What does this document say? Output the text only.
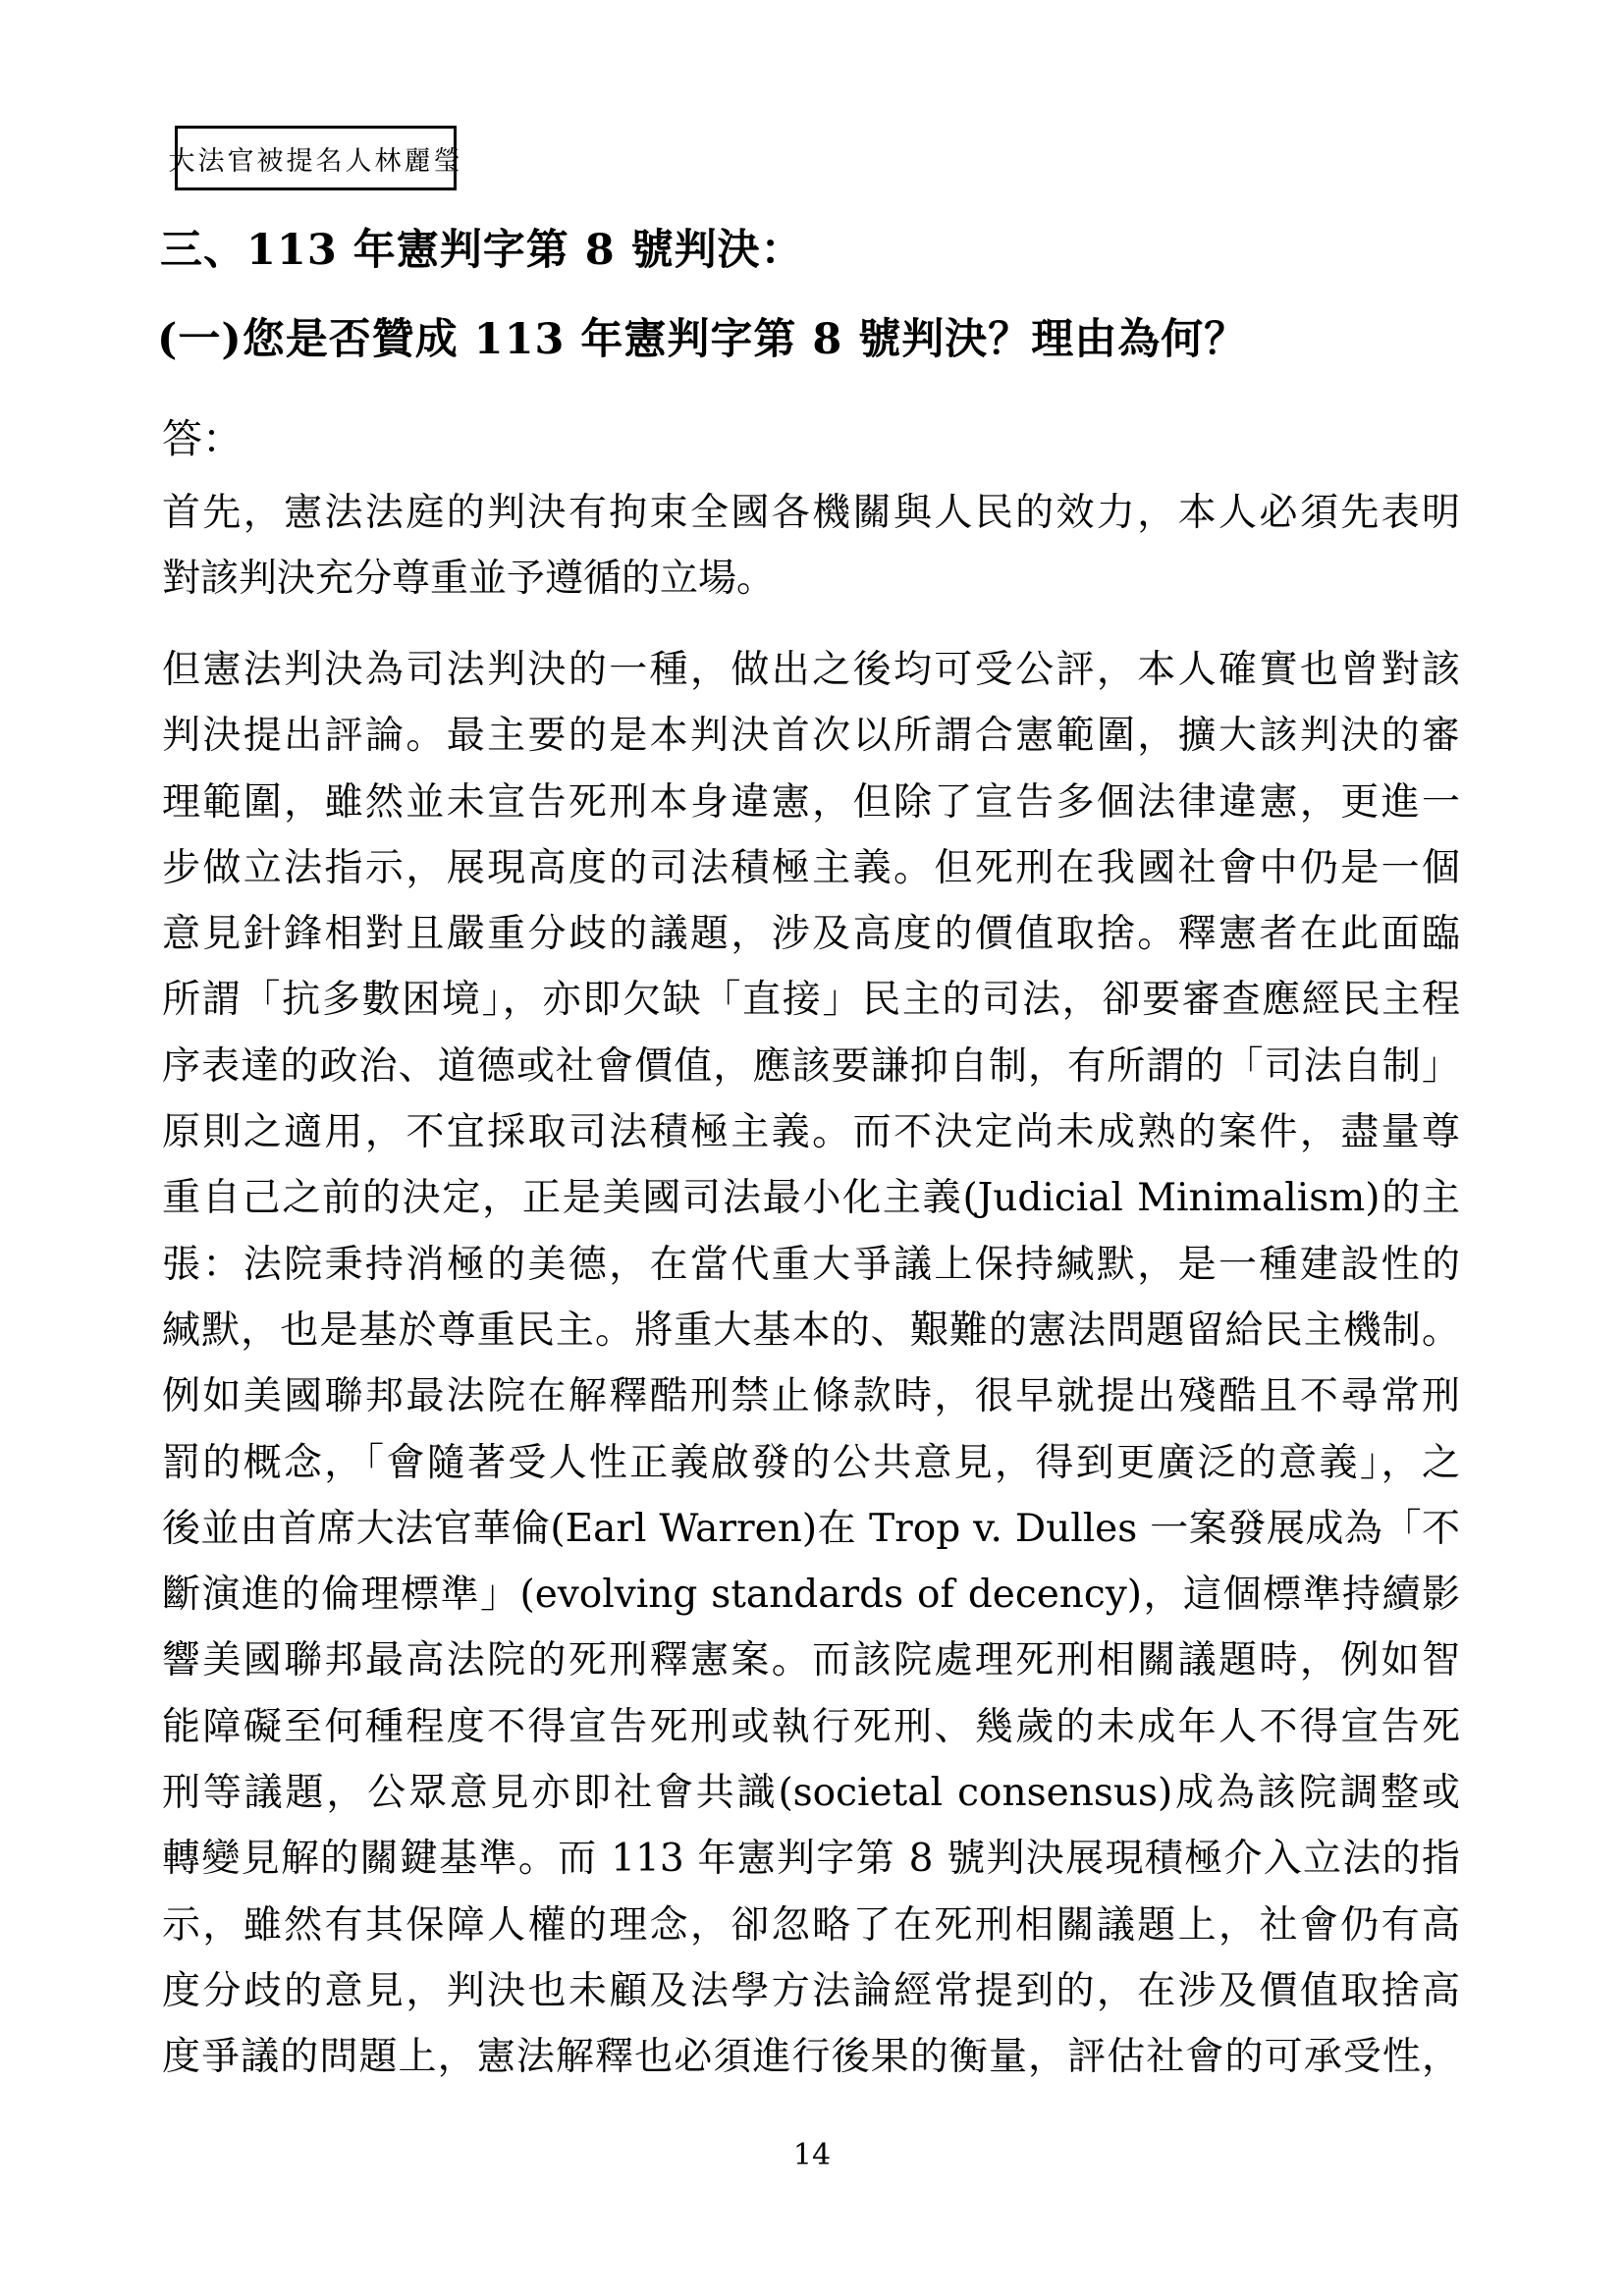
大法官被提名人林麗瑩
三、113 年憲判字第 8 號判決：
(一)您是否贊成 113 年憲判字第 8 號判決？理由為何？
答：
首先，憲法法庭的判決有拘束全國各機關與人民的效力，本人必須先表明
對該判決充分尊重並予遵循的立場。
但憲法判決為司法判決的一種，做出之後均可受公評，本人確實也曾對該
判決提出評論。最主要的是本判決首次以所謂合憲範圍，擴大該判決的審
理範圍，雖然並未宣告死刑本身違憲，但除了宣告多個法律違憲，更進一
步做立法指示，展現高度的司法積極主義。但死刑在我國社會中仍是一個
意見針鋒相對且嚴重分歧的議題，涉及高度的價值取捨。釋憲者在此面臨
所謂「抗多數困境」，亦即欠缺「直接」民主的司法，卻要審查應經民主程
序表達的政治、道德或社會價值，應該要謙抑自制，有所謂的「司法自制」
原則之適用，不宜採取司法積極主義。而不決定尚未成熟的案件，盡量尊
重自己之前的決定，正是美國司法最小化主義(Judicial Minimalism)的主
張：法院秉持消極的美德，在當代重大爭議上保持緘默，是一種建設性的
緘默，也是基於尊重民主。將重大基本的、艱難的憲法問題留給民主機制。
例如美國聯邦最法院在解釋酷刑禁止條款時，很早就提出殘酷且不尋常刑
罰的概念，「會隨著受人性正義啟發的公共意見，得到更廣泛的意義」，之
後並由首席大法官華倫(Earl Warren)在 Trop v. Dulles 一案發展成為「不
斷演進的倫理標準」(evolving standards of decency)，這個標準持續影
響美國聯邦最高法院的死刑釋憲案。而該院處理死刑相關議題時，例如智
能障礙至何種程度不得宣告死刑或執行死刑、幾歲的未成年人不得宣告死
刑等議題，公眾意見亦即社會共識(societal consensus)成為該院調整或
轉變見解的關鍵基準。而 113 年憲判字第 8 號判決展現積極介入立法的指
示，雖然有其保障人權的理念，卻忽略了在死刑相關議題上，社會仍有高
度分歧的意見，判決也未顧及法學方法論經常提到的，在涉及價值取捨高
度爭議的問題上，憲法解釋也必須進行後果的衡量，評估社會的可承受性，
14
